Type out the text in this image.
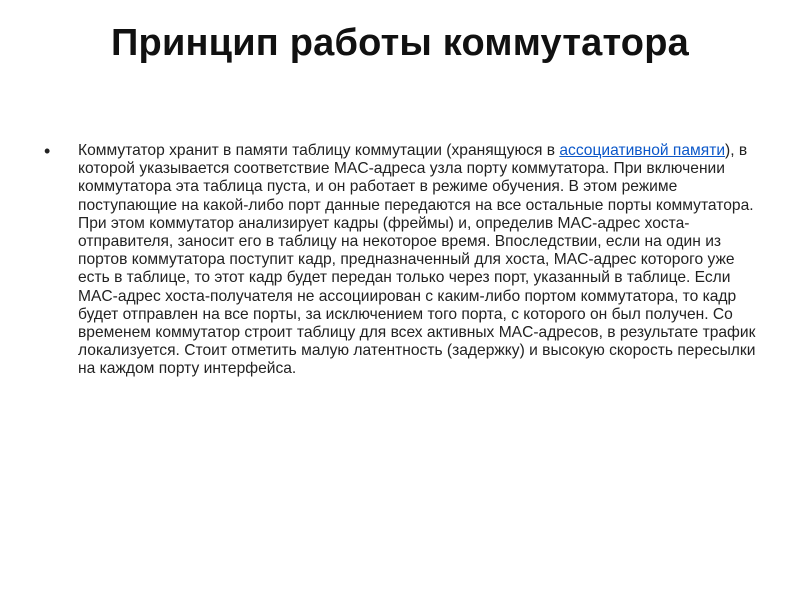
Принцип работы коммутатора
•	Коммутатор хранит в памяти таблицу коммутации (хранящуюся в ассоциативной памяти), в которой указывается соответствие MAC-адреса узла порту коммутатора. При включении коммутатора эта таблица пуста, и он работает в режиме обучения. В этом режиме поступающие на какой-либо порт данные передаются на все остальные порты коммутатора. При этом коммутатор анализирует кадры (фреймы) и, определив MAC-адрес хоста-отправителя, заносит его в таблицу на некоторое время. Впоследствии, если на один из портов коммутатора поступит кадр, предназначенный для хоста, MAC-адрес которого уже есть в таблице, то этот кадр будет передан только через порт, указанный в таблице. Если MAC-адрес хоста-получателя не ассоциирован с каким-либо портом коммутатора, то кадр будет отправлен на все порты, за исключением того порта, с которого он был получен. Со временем коммутатор строит таблицу для всех активных MAC-адресов, в результате трафик локализуется. Стоит отметить малую латентность (задержку) и высокую скорость пересылки на каждом порту интерфейса.
